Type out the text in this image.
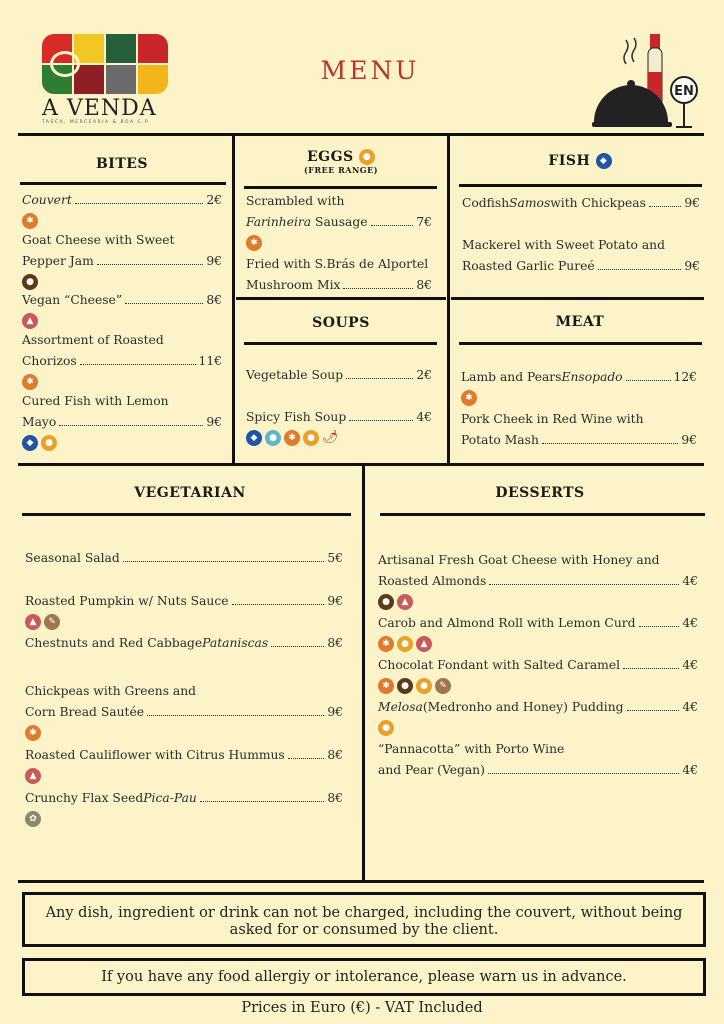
A VENDA
TASCA, MERCEARIA & BOA C.P
MENU
EN
BITES
Couvert	2€
✱
Goat Cheese with Sweet
Pepper Jam	9€
●
Vegan “Cheese”	8€
▲
Assortment of Roasted
Chorizos	11€
✱
Cured Fish with Lemon
Mayo	9€
◆	●
EGGS ●
(FREE RANGE)
Scrambled with
Farinheira
Sausage	7€
✱
Fried with S.Brás de Alportel
Mushroom Mix	8€
FISH ◆
Codfish Samos with Chickpeas	9€
Mackerel with Sweet Potato and
Roasted Garlic Pureé	9€
SOUPS
Vegetable Soup	2€
Spicy Fish Soup	4€
◆	●	✱	● 🌶
MEAT
Lamb and Pears Ensopado	12€
✱
Pork Cheek in Red Wine with
Potato Mash	9€
VEGETARIAN
Seasonal Salad	5€
Roasted Pumpkin w/ Nuts Sauce	9€
▲	✎
Chestnuts and Red Cabbage Pataniscas	8€
Chickpeas with Greens and
Corn Bread Sautée	9€
✱
Roasted Cauliflower with Citrus Hummus	8€
▲
Crunchy Flax Seed Pica-Pau	8€
✿
DESSERTS
Artisanal Fresh Goat Cheese with Honey and
Roasted Almonds	4€
●	▲
Carob and Almond Roll with Lemon Curd	4€
✱	●	▲
Chocolat Fondant with Salted Caramel	4€
✱	●	●	✎
Melosa (Medronho and Honey) Pudding	4€
●
“Pannacotta” with Porto Wine
and Pear (Vegan)	4€
Any dish, ingredient or drink can not be charged, including the couvert, without being asked for or consumed by the client.
If you have any food allergiy or intolerance, please warn us in advance.
Prices in Euro (€) - VAT Included
